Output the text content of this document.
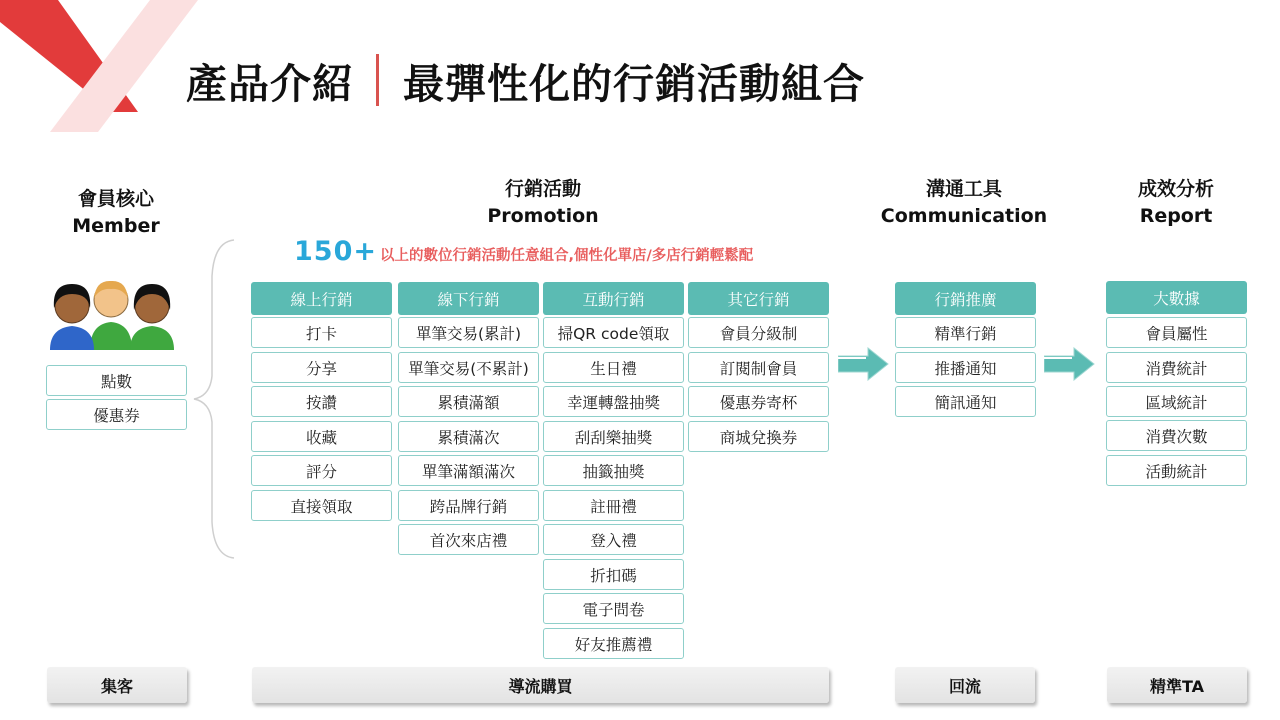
產品介紹 最彈性化的行銷活動組合
會員核心
Member
行銷活動
Promotion
溝通工具
Communication
成效分析
Report
點數
優惠券
150+ 以上的數位行銷活動任意組合,個性化單店/多店行銷輕鬆配
線上行銷
打卡
分享
按讚
收藏
評分
直接領取
線下行銷
單筆交易(累計)
單筆交易(不累計)
累積滿額
累積滿次
單筆滿額滿次
跨品牌行銷
首次來店禮
互動行銷
掃QR code領取
生日禮
幸運轉盤抽獎
刮刮樂抽獎
抽籤抽獎
註冊禮
登入禮
折扣碼
電子問卷
好友推薦禮
其它行銷
會員分級制
訂閱制會員
優惠券寄杯
商城兌換券
行銷推廣
精準行銷
推播通知
簡訊通知
大數據
會員屬性
消費統計
區域統計
消費次數
活動統計
集客	導流購買	回流	精準TA
